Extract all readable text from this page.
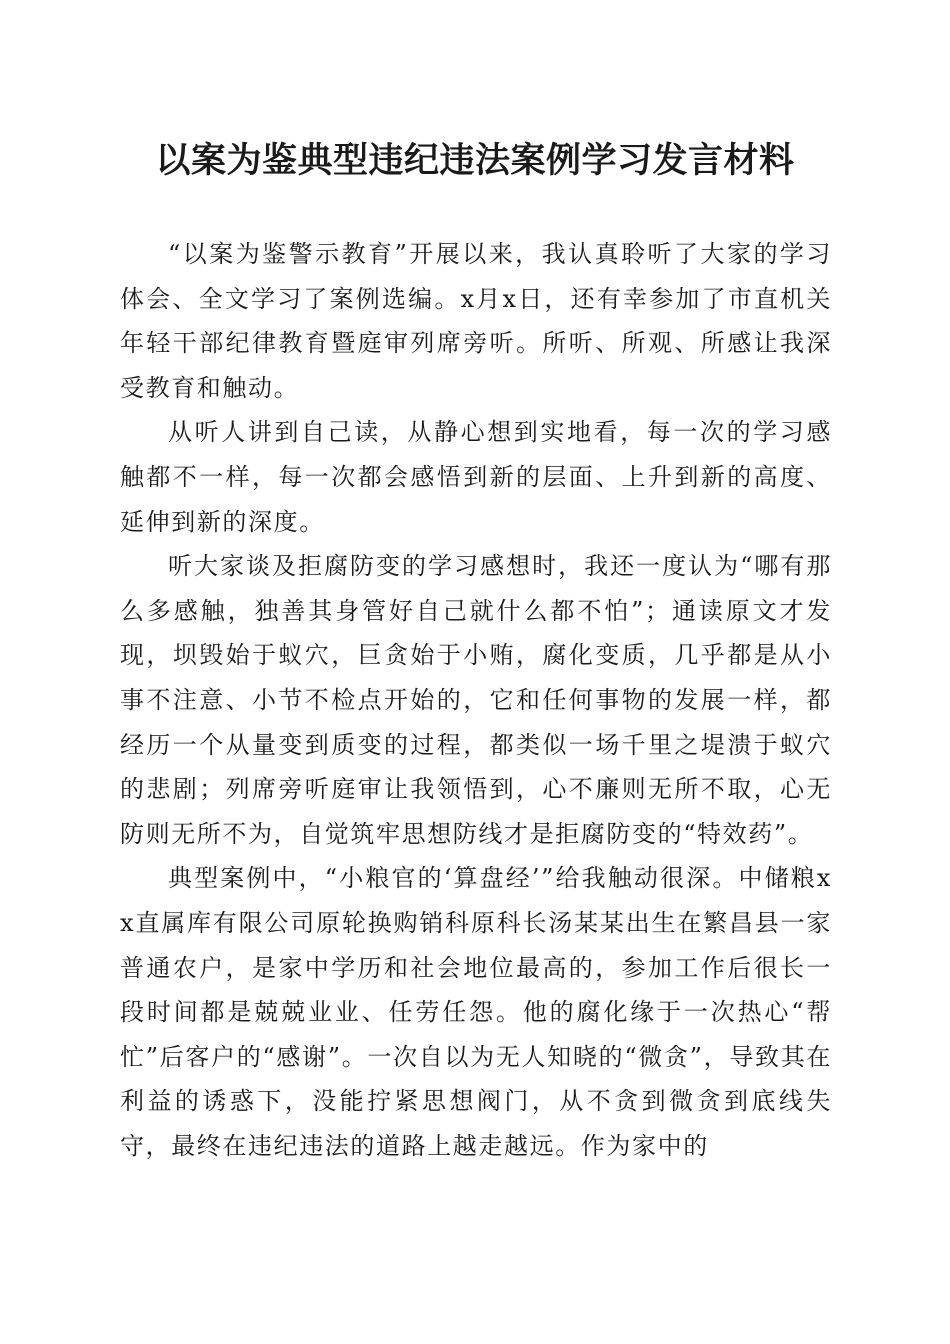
以案为鉴典型违纪违法案例学习发言材料

“以案为鉴警示教育”开展以来，我认真聆听了大家的学习体会、全文学习了案例选编。x月x日，还有幸参加了市直机关年轻干部纪律教育暨庭审列席旁听。所听、所观、所感让我深受教育和触动。

从听人讲到自己读，从静心想到实地看，每一次的学习感触都不一样，每一次都会感悟到新的层面、上升到新的高度、延伸到新的深度。

听大家谈及拒腐防变的学习感想时，我还一度认为“哪有那么多感触，独善其身管好自己就什么都不怕”；通读原文才发现，坝毁始于蚁穴，巨贪始于小贿，腐化变质，几乎都是从小事不注意、小节不检点开始的，它和任何事物的发展一样，都经历一个从量变到质变的过程，都类似一场千里之堤溃于蚁穴的悲剧；列席旁听庭审让我领悟到，心不廉则无所不取，心无防则无所不为，自觉筑牢思想防线才是拒腐防变的“特效药”。

典型案例中，“小粮官的‘算盘经’”给我触动很深。中储粮xx直属库有限公司原轮换购销科原科长汤某某出生在繁昌县一家普通农户，是家中学历和社会地位最高的，参加工作后很长一段时间都是兢兢业业、任劳任怨。他的腐化缘于一次热心“帮忙”后客户的“感谢”。一次自以为无人知晓的“微贪”，导致其在利益的诱惑下，没能拧紧思想阀门，从不贪到微贪到底线失守，最终在违纪违法的道路上越走越远。作为家中的
